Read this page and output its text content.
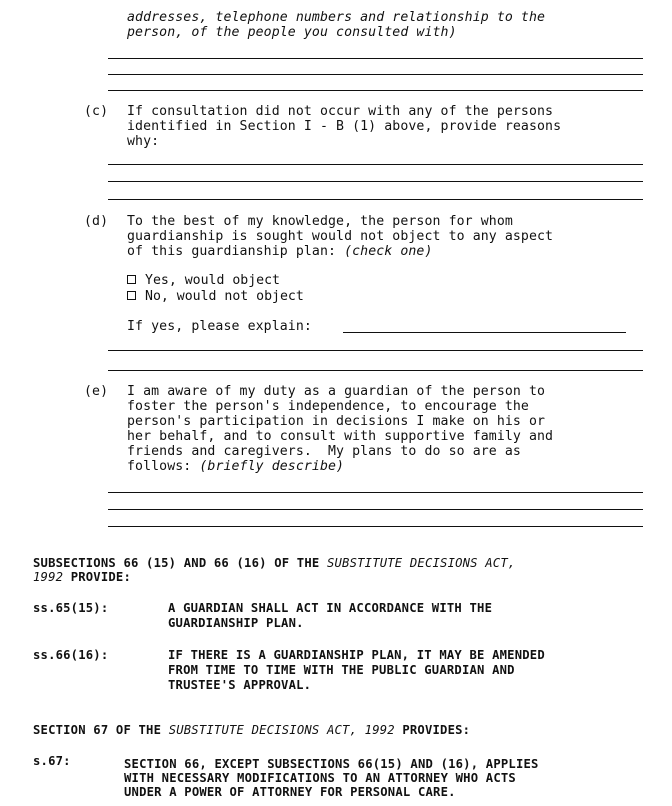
addresses, telephone numbers and relationship to the
person, of the people you consulted with)
(c) If consultation did not occur with any of the persons
identified in Section I - B (1) above, provide reasons
why:
(d) To the best of my knowledge, the person for whom
guardianship is sought would not object to any aspect
of this guardianship plan: (check one)
Yes, would object
No, would not object
If yes, please explain:
(e) I am aware of my duty as a guardian of the person to
foster the person's independence, to encourage the
person's participation in decisions I make on his or
her behalf, and to consult with supportive family and
friends and caregivers.  My plans to do so are as
follows: (briefly describe)
SUBSECTIONS 66 (15) AND 66 (16) OF THE SUBSTITUTE DECISIONS ACT,
1992 PROVIDE:
ss.65(15):	A GUARDIAN SHALL ACT IN ACCORDANCE WITH THE
GUARDIANSHIP PLAN.
ss.66(16):	IF THERE IS A GUARDIANSHIP PLAN, IT MAY BE AMENDED
FROM TIME TO TIME WITH THE PUBLIC GUARDIAN AND
TRUSTEE'S APPROVAL.
SECTION 67 OF THE SUBSTITUTE DECISIONS ACT, 1992 PROVIDES:
s.67:	SECTION 66, EXCEPT SUBSECTIONS 66(15) AND (16), APPLIES
WITH NECESSARY MODIFICATIONS TO AN ATTORNEY WHO ACTS
UNDER A POWER OF ATTORNEY FOR PERSONAL CARE.
